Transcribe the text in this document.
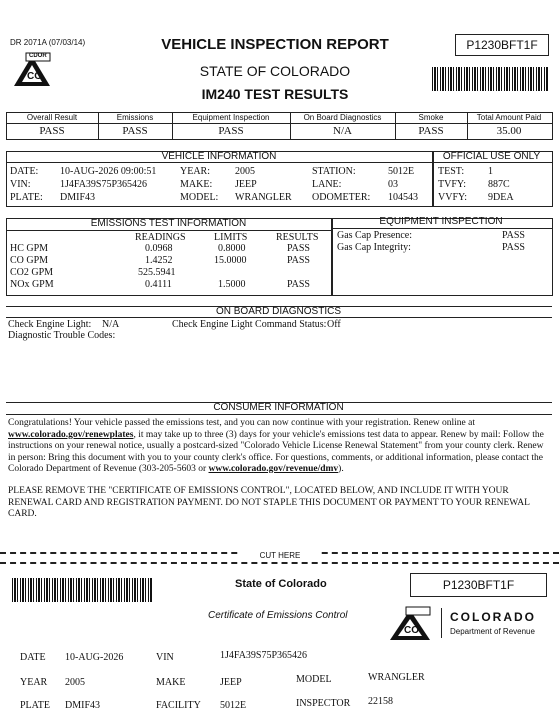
DR 2071A (07/03/14)
CO
CDOR
VEHICLE INSPECTION REPORT
STATE OF COLORADO
IM240 TEST RESULTS
P1230BFT1F
Overall Result	Emissions	Equipment Inspection	On Board Diagnostics	Smoke	Total Amount Paid
PASS	PASS	PASS	N/A	PASS	35.00
VEHICLE INFORMATION
DATE: 10-AUG-2026 09:00:51
VIN:	1J4FA39S75P365426
PLATE: DMIF43
YEAR:	2005
MAKE: JEEP
MODEL: WRANGLER
STATION:	5012E
LANE:	03
ODOMETER: 104543
OFFICIAL USE ONLY
TEST: 1
TVFY: 887C
VVFY: 9DEA
EMISSIONS TEST INFORMATION
READINGS	LIMITS	RESULTS
HC GPM	0.0968	0.8000	PASS
CO GPM	1.4252	15.0000	PASS
CO2 GPM	525.5941
NOx GPM	0.4111	1.5000	PASS
EQUIPMENT INSPECTION
Gas Cap Presence:	PASS
Gas Cap Integrity:	PASS
ON BOARD DIAGNOSTICS
Check Engine Light: N/A	Check Engine Light Command Status: Off
Diagnostic Trouble Codes:
CONSUMER INFORMATION
Congratulations! Your vehicle passed the emissions test, and you can now continue with your registration. Renew online at www.colorado.gov/renewplates, it may take up to three (3) days for your vehicle's emissions test data to appear. Renew by mail: Follow the instructions on your renewal notice, usually a postcard-sized "Colorado Vehicle License Renewal Statement" from your county clerk. Renew in person: Bring this document with you to your county clerk's office. For questions, comments, or additional information, please contact the Colorado Department of Revenue (303-205-5603 or www.colorado.gov/revenue/dmv).
PLEASE REMOVE THE "CERTIFICATE OF EMISSIONS CONTROL", LOCATED BELOW, AND INCLUDE IT WITH YOUR RENEWAL CARD AND REGISTRATION PAYMENT. DO NOT STAPLE THIS DOCUMENT OR PAYMENT TO YOUR RENEWAL CARD.
CUT HERE
State of Colorado	P1230BFT1F
Certificate of Emissions Control
CO
COLORADO
Department of Revenue
DATE 10-AUG-2026	VIN	1J4FA39S75P365426
YEAR 2005	MAKE	JEEP	MODEL	WRANGLER
PLATE DMIF43	FACILITY 5012E	INSPECTOR 22158
